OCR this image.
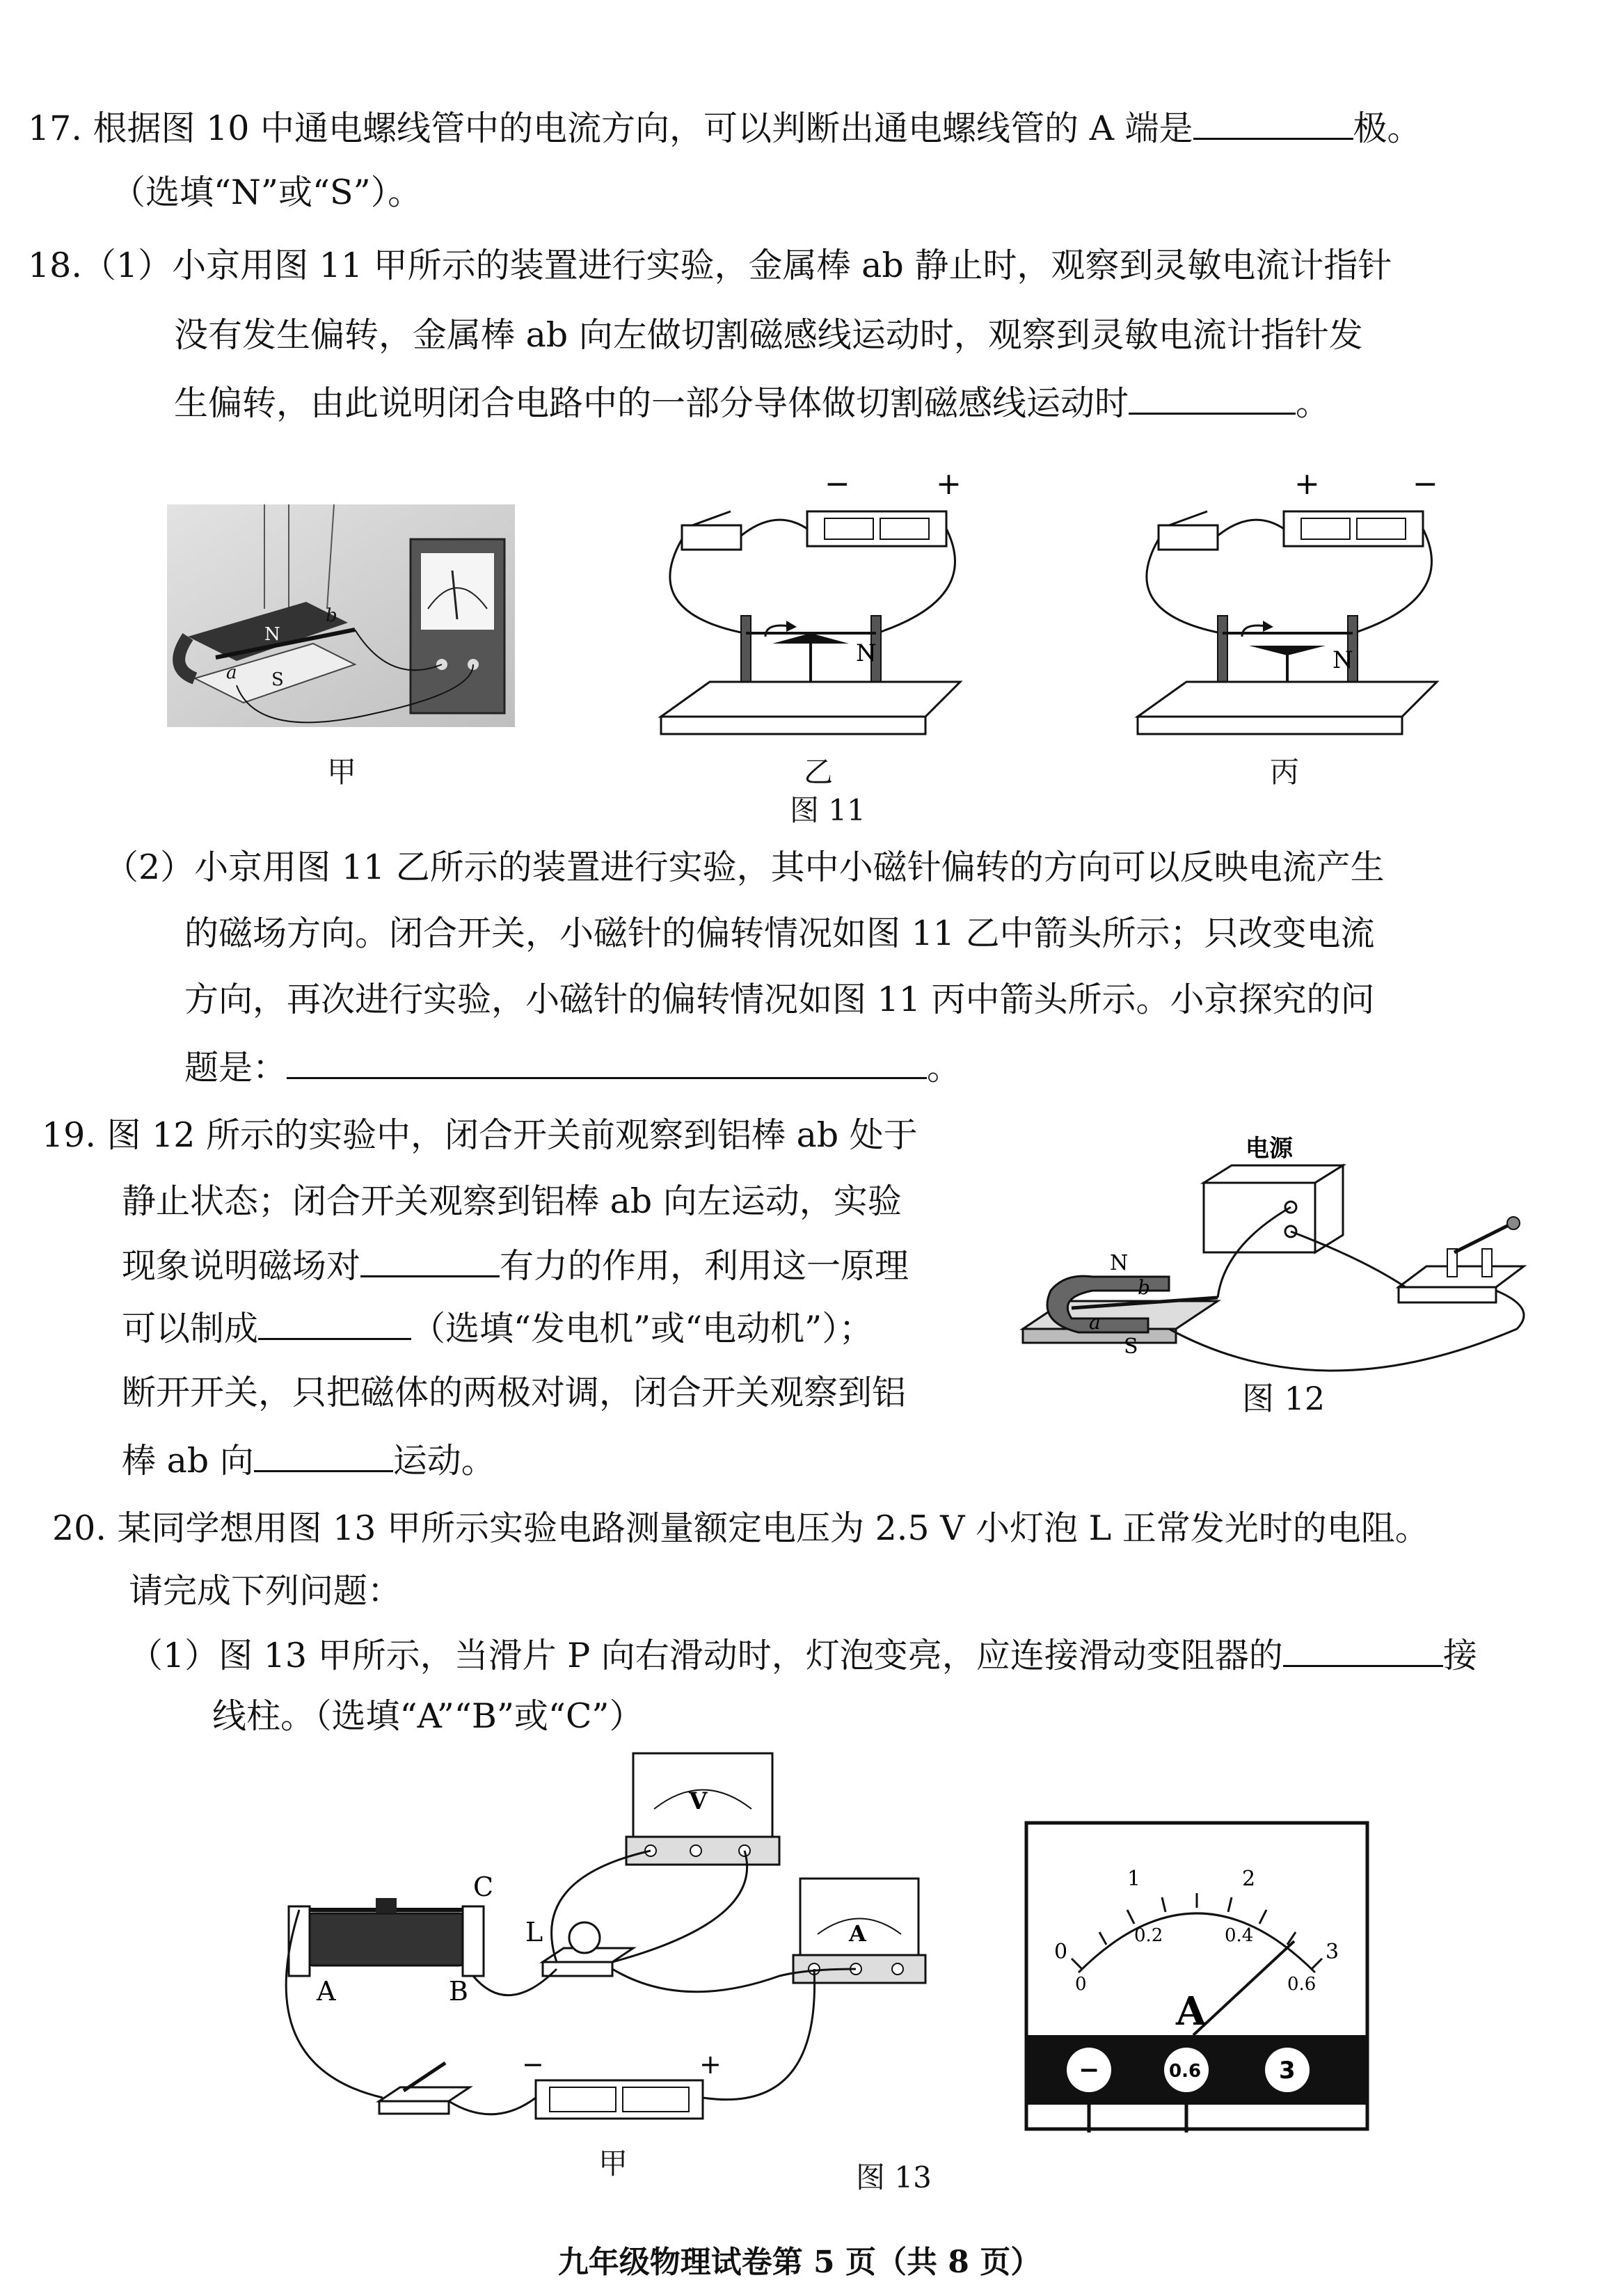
17. 根据图 10 中通电螺线管中的电流方向，可以判断出通电螺线管的 A 端是	极。
（选填“N”或“S”）。
18.（1）小京用图 11 甲所示的装置进行实验，金属棒 ab 静止时，观察到灵敏电流计指针
没有发生偏转，金属棒 ab 向左做切割磁感线运动时，观察到灵敏电流计指针发
生偏转，由此说明闭合电路中的一部分导体做切割磁感线运动时	。
N
S
a
b
−	+
N
+	−
N
甲	乙	丙
图 11
（2）小京用图 11 乙所示的装置进行实验，其中小磁针偏转的方向可以反映电流产生
的磁场方向。闭合开关，小磁针的偏转情况如图 11 乙中箭头所示；只改变电流
方向，再次进行实验，小磁针的偏转情况如图 11 丙中箭头所示。小京探究的问
题是：	。
19. 图 12 所示的实验中，闭合开关前观察到铝棒 ab 处于
静止状态；闭合开关观察到铝棒 ab 向左运动，实验
现象说明磁场对	有力的作用，利用这一原理
可以制成	（选填“发电机”或“电动机”）；
断开开关，只把磁体的两极对调，闭合开关观察到铝
棒 ab 向	运动。
电源
N
S
a
b
图 12
20. 某同学想用图 13 甲所示实验电路测量额定电压为 2.5 V 小灯泡 L 正常发光时的电阻。
请完成下列问题：
（1）图 13 甲所示，当滑片 P 向右滑动时，灯泡变亮，应连接滑动变阻器的	接
线柱。（选填“A”“B”或“C”）
V
A	B
C
L	A
−	+
甲
0
1	2
3
0
0.2	0.4
0.6
A
−	0.6	3
图 13
九年级物理试卷第 5 页（共 8 页）
